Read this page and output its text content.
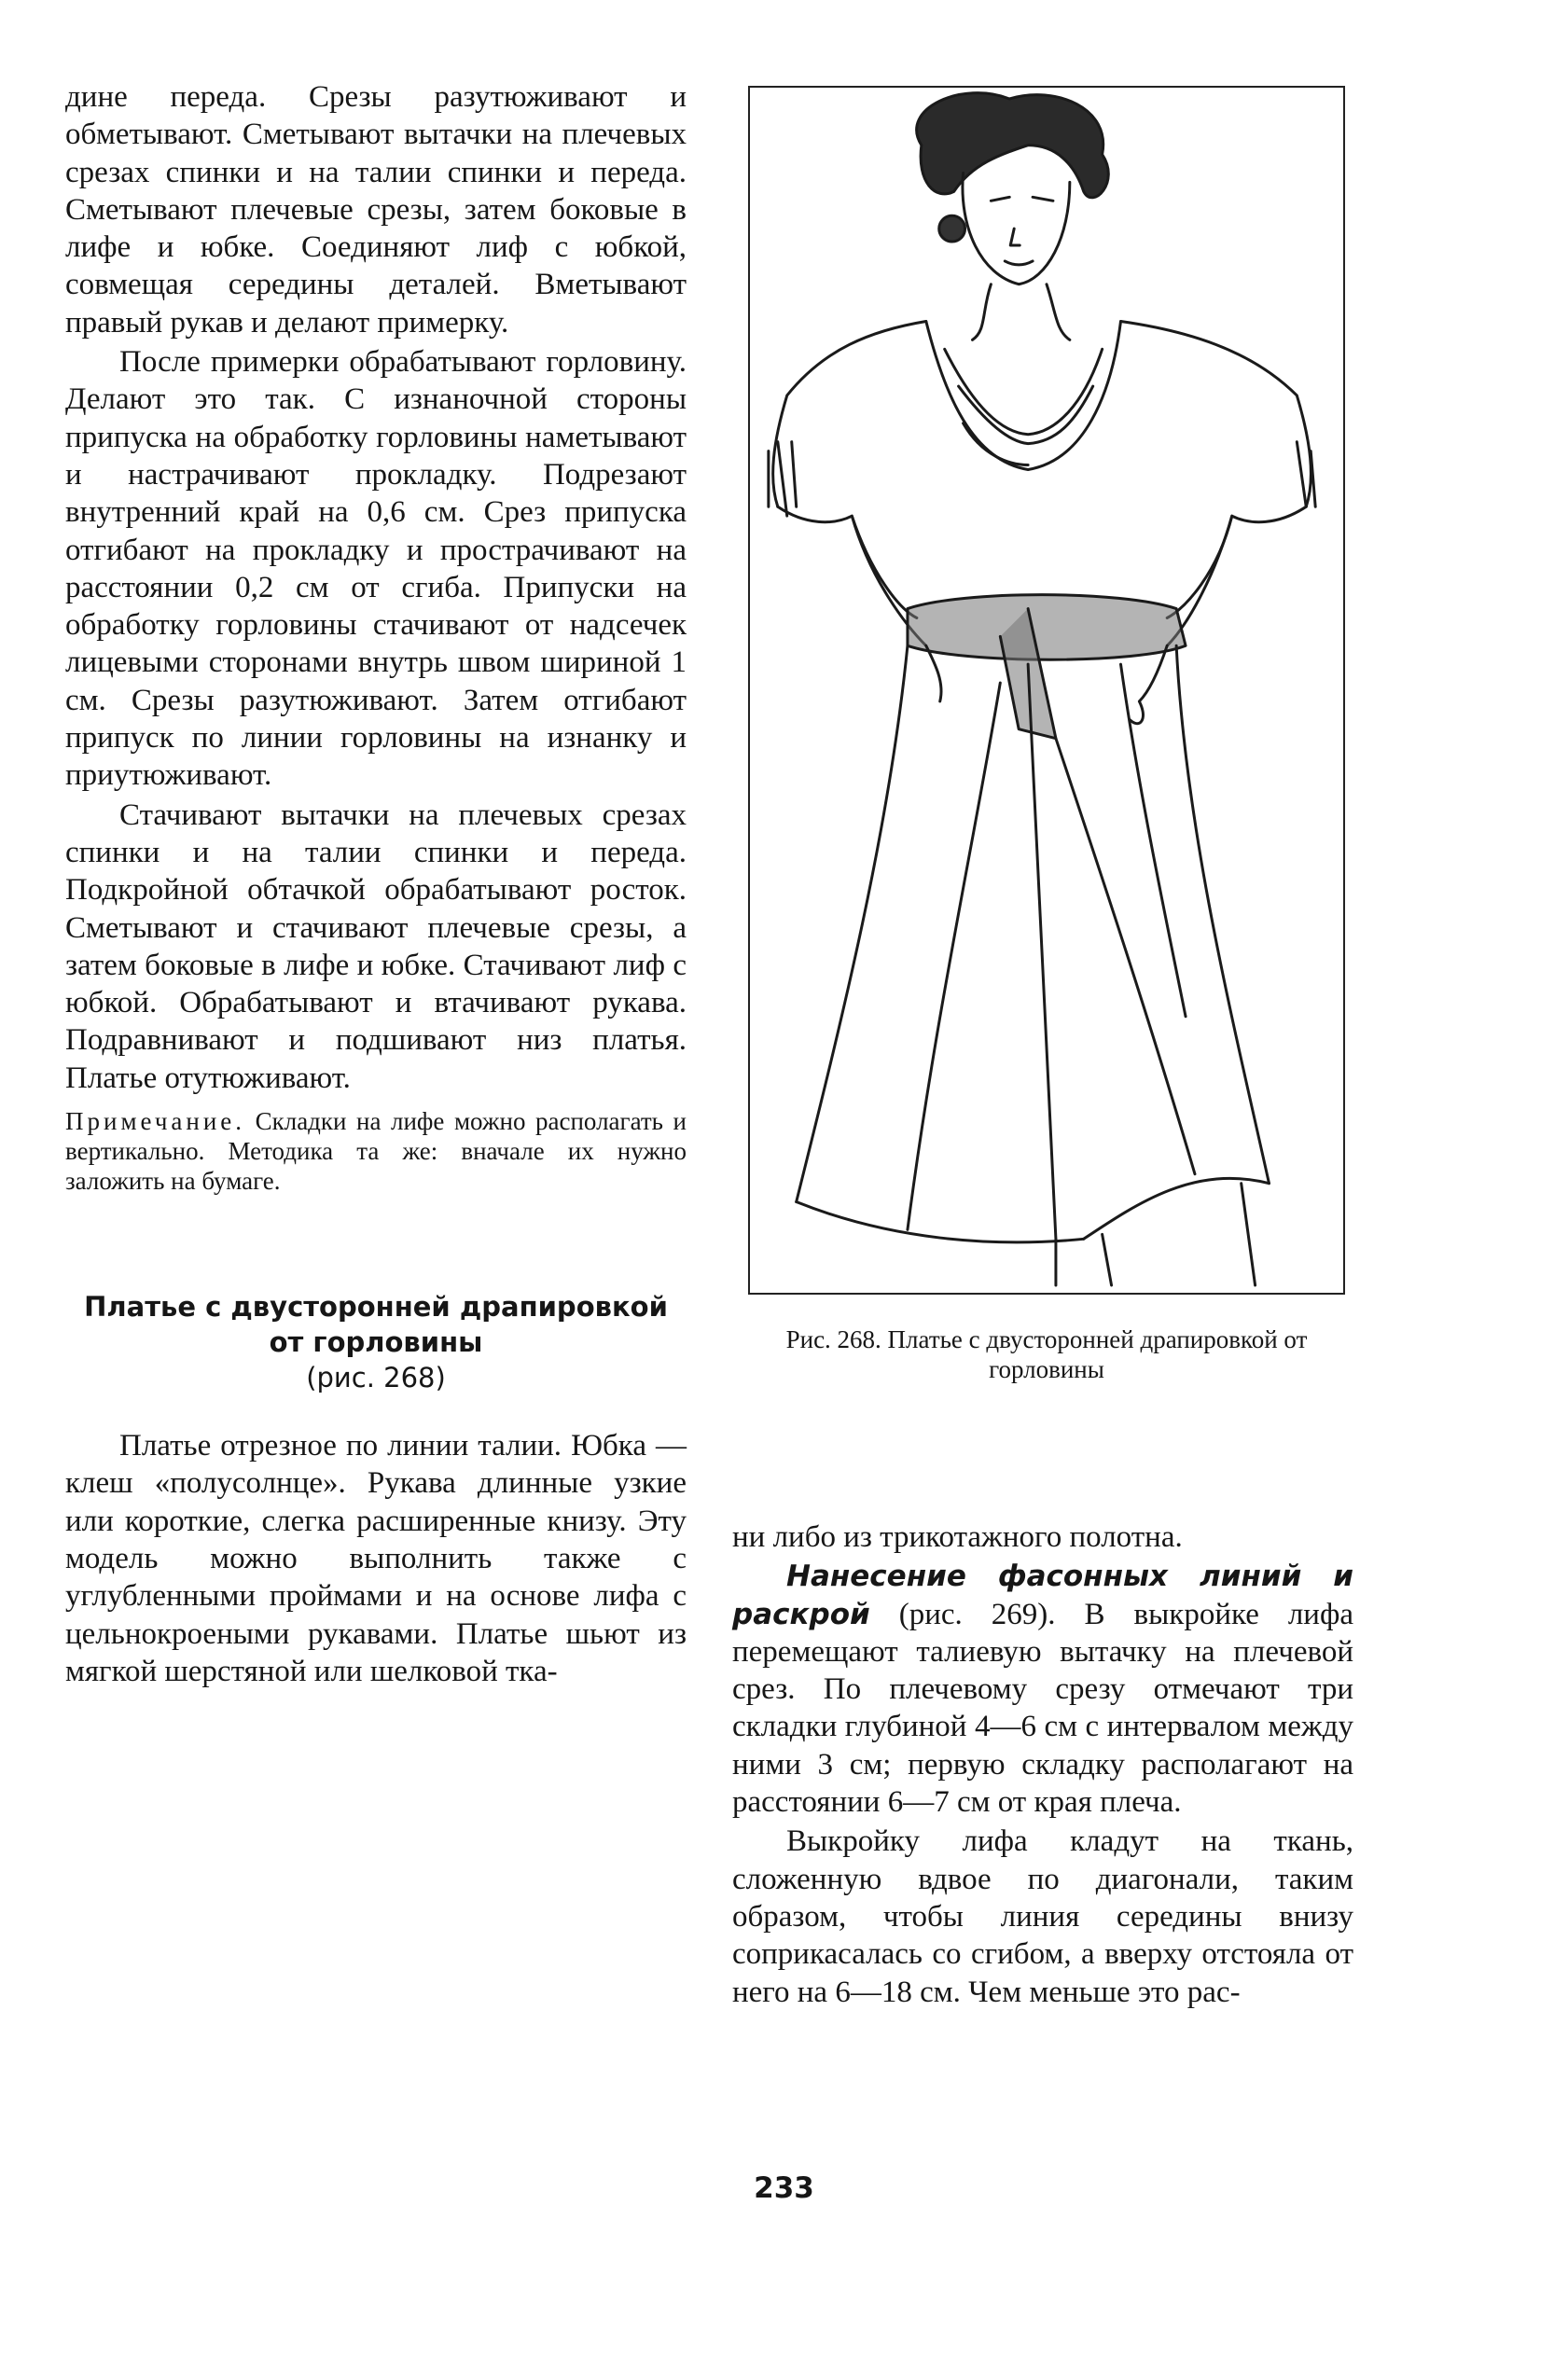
дине переда. Срезы разутюживают и обметывают. Сметывают вытачки на плечевых срезах спинки и на талии спинки и переда. Сметывают плечевые срезы, затем боковые в лифе и юбке. Соединяют лиф с юбкой, совмещая середины деталей. Вметывают правый рукав и делают примерку.

После примерки обрабатывают горловину. Делают это так. С изнаночной стороны припуска на обработку горловины наметывают и настрачивают прокладку. Подрезают внутренний край на 0,6 см. Срез припуска отгибают на прокладку и прострачивают на расстоянии 0,2 см от сгиба. Припуски на обработку горловины стачивают от надсечек лицевыми сторонами внутрь швом шириной 1 см. Срезы разутюживают. Затем отгибают припуск по линии горловины на изнанку и приутюживают.

Стачивают вытачки на плечевых срезах спинки и на талии спинки и переда. Подкройной обтачкой обрабатывают росток. Сметывают и стачивают плечевые срезы, а затем боковые в лифе и юбке. Стачивают лиф с юбкой. Обрабатывают и втачивают рукава. Подравнивают и подшивают низ платья. Платье отутюживают.

Примечание. Складки на лифе можно располагать и вертикально. Методика та же: вначале их нужно заложить на бумаге.

Платье с двусторонней драпировкой от горловины
(рис. 268)

Платье отрезное по линии талии. Юбка — клеш «полусолнце». Рукава длинные узкие или короткие, слегка расширенные книзу. Эту модель можно выполнить также с углубленными проймами и на основе лифа с цельнокроеными рукавами. Платье шьют из мягкой шерстяной или шелковой тка-

Рис. 268. Платье с двусторонней драпировкой от горловины

ни либо из трикотажного полотна.

Нанесение фасонных линий и раскрой (рис. 269). В выкройке лифа перемещают талиевую вытачку на плечевой срез. По плечевому срезу отмечают три складки глубиной 4—6 см с интервалом между ними 3 см; первую складку располагают на расстоянии 6—7 см от края плеча.

Выкройку лифа кладут на ткань, сложенную вдвое по диагонали, таким образом, чтобы линия середины внизу соприкасалась со сгибом, а вверху отстояла от него на 6—18 см. Чем меньше это рас-

233
